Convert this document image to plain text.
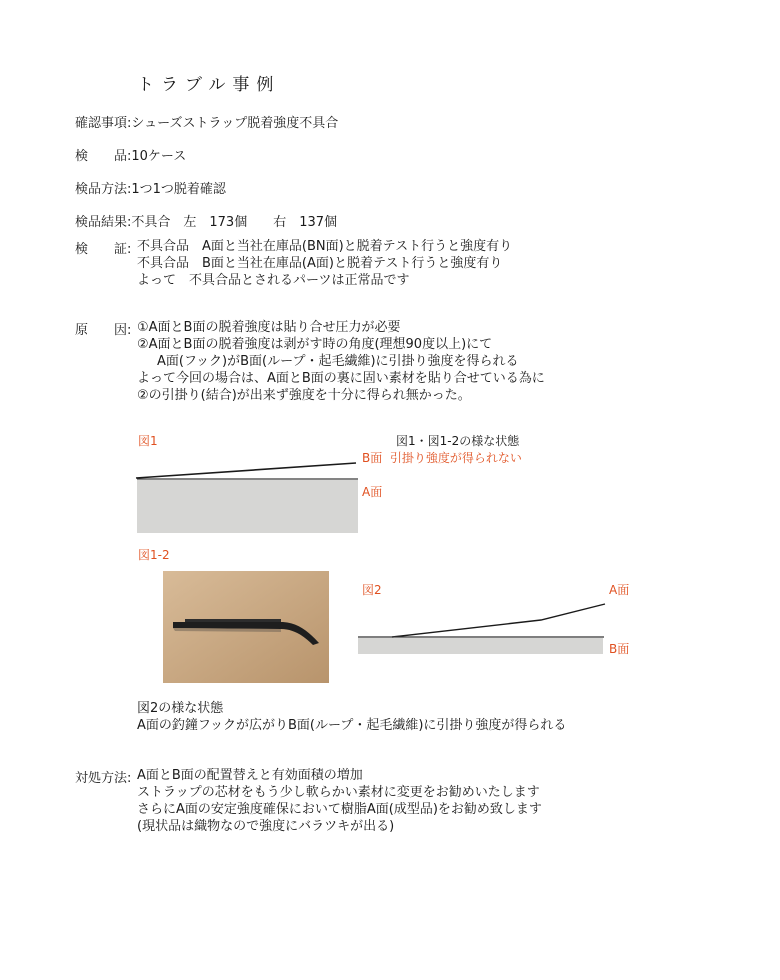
トラブル事例
確認事項:シューズストラップ脱着強度不具合
検　　品:10ケース
検品方法:1つ1つ脱着確認
検品結果:不具合　左　173個　　右　137個
検　　証: 不具合品　A面と当社在庫品(BN面)と脱着テスト行うと強度有り
不具合品　B面と当社在庫品(A面)と脱着テスト行うと強度有り
よって　不具合品とされるパーツは正常品です
原　　因: ①A面とB面の脱着強度は貼り合せ圧力が必要
②A面とB面の脱着強度は剥がす時の角度(理想90度以上)にて
A面(フック)がB面(ループ・起毛繊維)に引掛り強度を得られる
よって今回の場合は、A面とB面の裏に固い素材を貼り合せている為に
②の引掛り(結合)が出来ず強度を十分に得られ無かった。
図1	図1・図1-2の様な状態
B面 引掛り強度が得られない
A面
図1-2
図2	A面
B面
図2の様な状態
A面の釣鐘フックが広がりB面(ループ・起毛繊維)に引掛り強度が得られる
対処方法: A面とB面の配置替えと有効面積の増加
ストラップの芯材をもう少し軟らかい素材に変更をお勧めいたします
さらにA面の安定強度確保において樹脂A面(成型品)をお勧め致します
(現状品は織物なので強度にバラツキが出る)
